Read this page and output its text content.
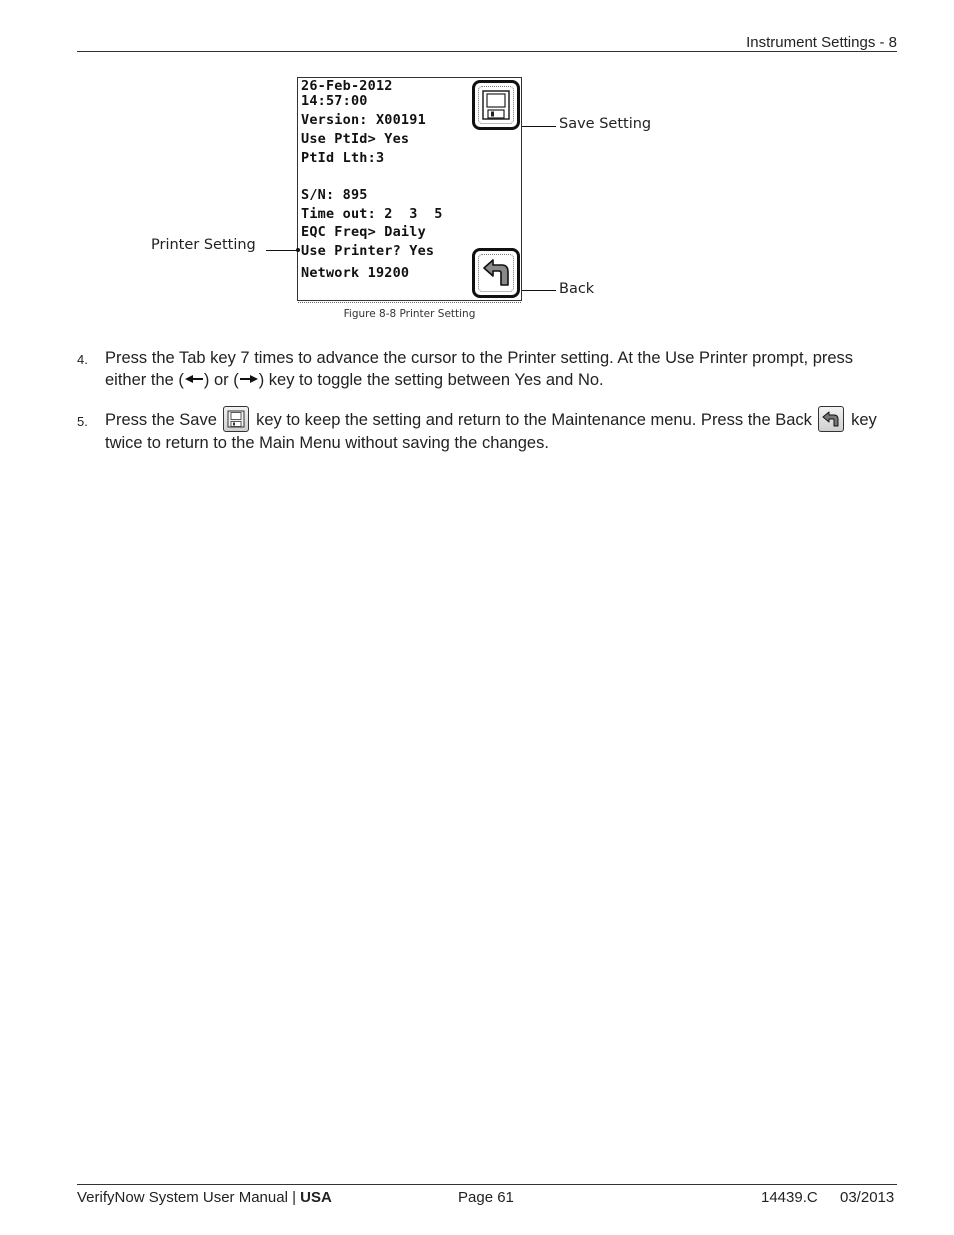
Instrument Settings - 8
26-Feb-2012
14:57:00
Version: X00191
Use PtId> Yes
PtId Lth:3
S/N: 895
Time out: 2  3  5
EQC Freq> Daily
Use Printer? Yes
Network 19200
Save Setting
Back
Printer Setting
Figure 8-8 Printer Setting
4. Press the Tab key 7 times to advance the cursor to the Printer setting. At the Use Printer prompt, press either the ( ) or ( ) key to toggle the setting between Yes and No.
5. Press the Save
key to keep the setting and return to the Maintenance menu. Press the Back
key twice to return to the Main Menu without saving the changes.
VerifyNow System User Manual | USA	Page 61	14439.C 03/2013
